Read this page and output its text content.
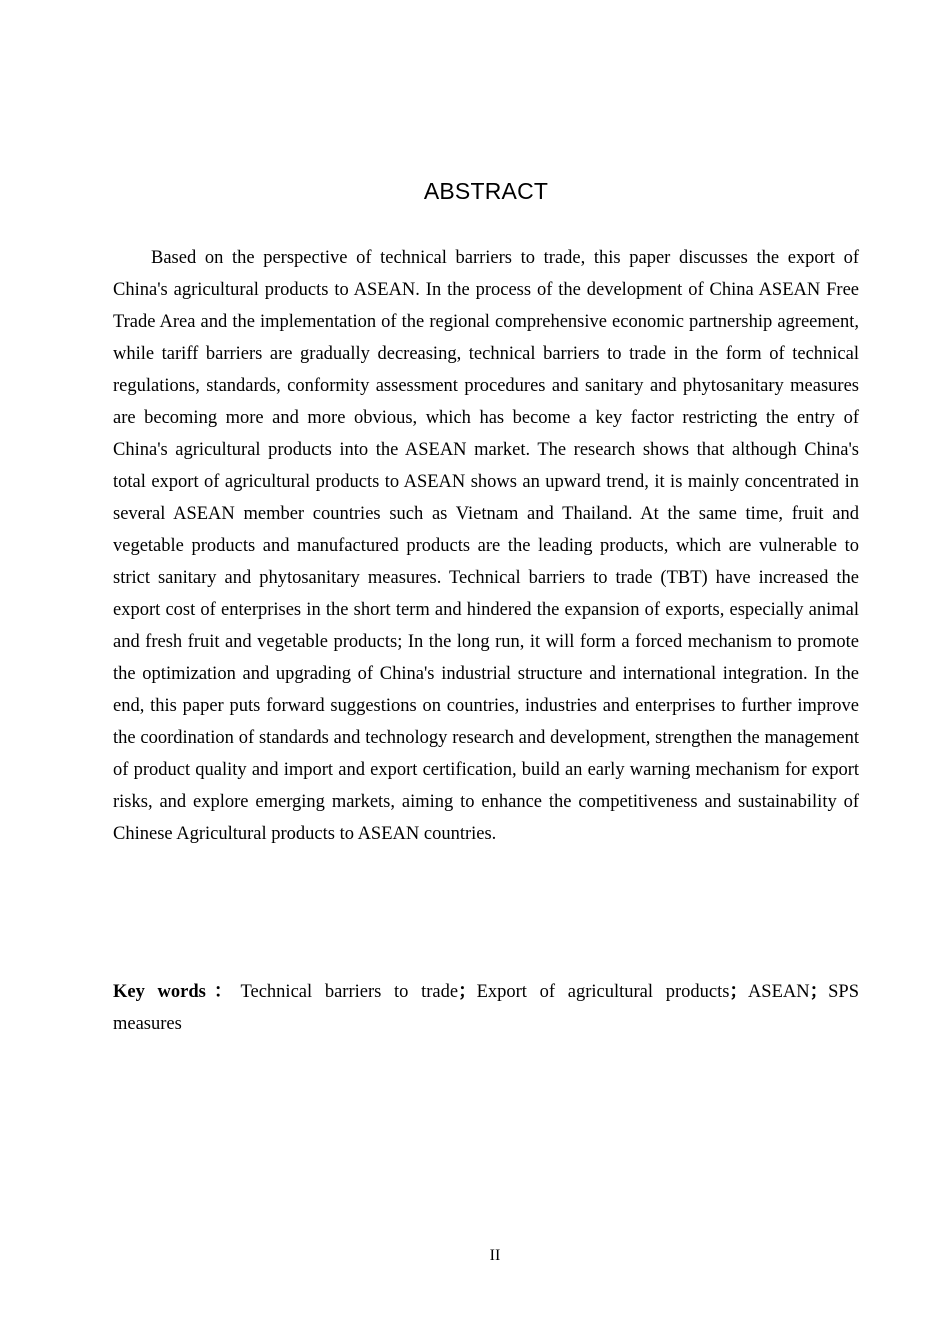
ABSTRACT

Based on the perspective of technical barriers to trade, this paper discusses the export of China's agricultural products to ASEAN. In the process of the development of China ASEAN Free Trade Area and the implementation of the regional comprehensive economic partnership agreement, while tariff barriers are gradually decreasing, technical barriers to trade in the form of technical regulations, standards, conformity assessment procedures and sanitary and phytosanitary measures are becoming more and more obvious, which has become a key factor restricting the entry of China's agricultural products into the ASEAN market. The research shows that although China's total export of agricultural products to ASEAN shows an upward trend, it is mainly concentrated in several ASEAN member countries such as Vietnam and Thailand. At the same time, fruit and vegetable products and manufactured products are the leading products, which are vulnerable to strict sanitary and phytosanitary measures. Technical barriers to trade (TBT) have increased the export cost of enterprises in the short term and hindered the expansion of exports, especially animal and fresh fruit and vegetable products; In the long run, it will form a forced mechanism to promote the optimization and upgrading of China's industrial structure and international integration. In the end, this paper puts forward suggestions on countries, industries and enterprises to further improve the coordination of standards and technology research and development, strengthen the management of product quality and import and export certification, build an early warning mechanism for export risks, and explore emerging markets, aiming to enhance the competitiveness and sustainability of Chinese Agricultural products to ASEAN countries.

Key words：Technical barriers to trade；Export of agricultural products；ASEAN；SPS measures

II
